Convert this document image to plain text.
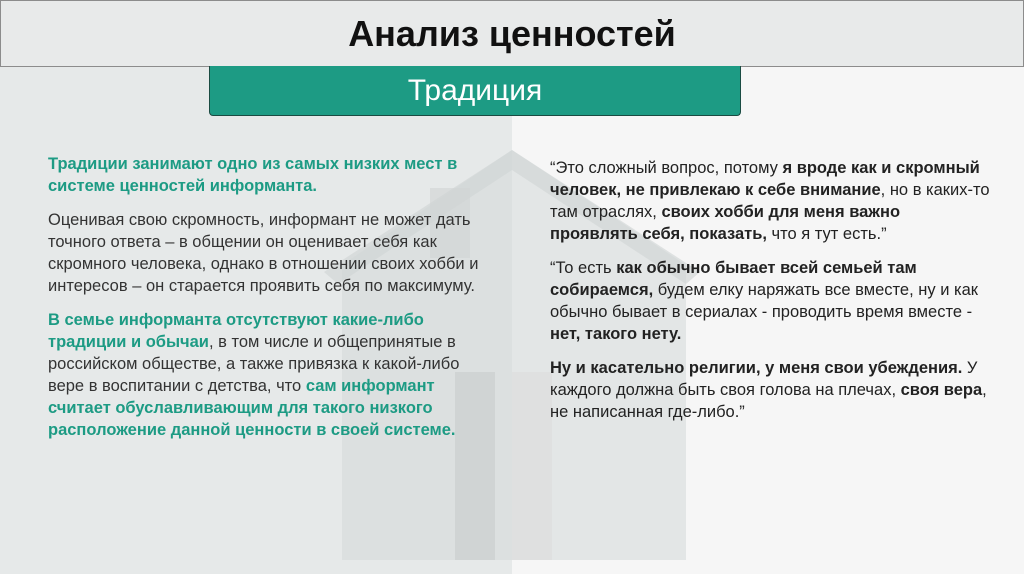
Анализ ценностей
Традиция

Традиции занимают одно из самых низких мест в системе ценностей информанта.

Оценивая свою скромность, информант не может дать точного ответа – в общении он оценивает себя как скромного человека, однако в отношении своих хобби и интересов – он старается проявить себя по максимуму.

В семье информанта отсутствуют какие-либо традиции и обычаи, в том числе и общепринятые в российском обществе, а также привязка к какой-либо вере в воспитании с детства, что сам информант считает обуславливающим для такого низкого расположение данной ценности в своей системе.

“Это сложный вопрос, потому я вроде как и скромный человек, не привлекаю к себе внимание, но в каких-то там отраслях, своих хобби для меня важно проявлять себя, показать, что я тут есть.”

“То есть как обычно бывает всей семьей там собираемся, будем елку наряжать все вместе, ну и как обычно бывает в сериалах - проводить время вместе - нет, такого нету.

Ну и касательно религии, у меня свои убеждения. У каждого должна быть своя голова на плечах, своя вера, не написанная где-либо.”
